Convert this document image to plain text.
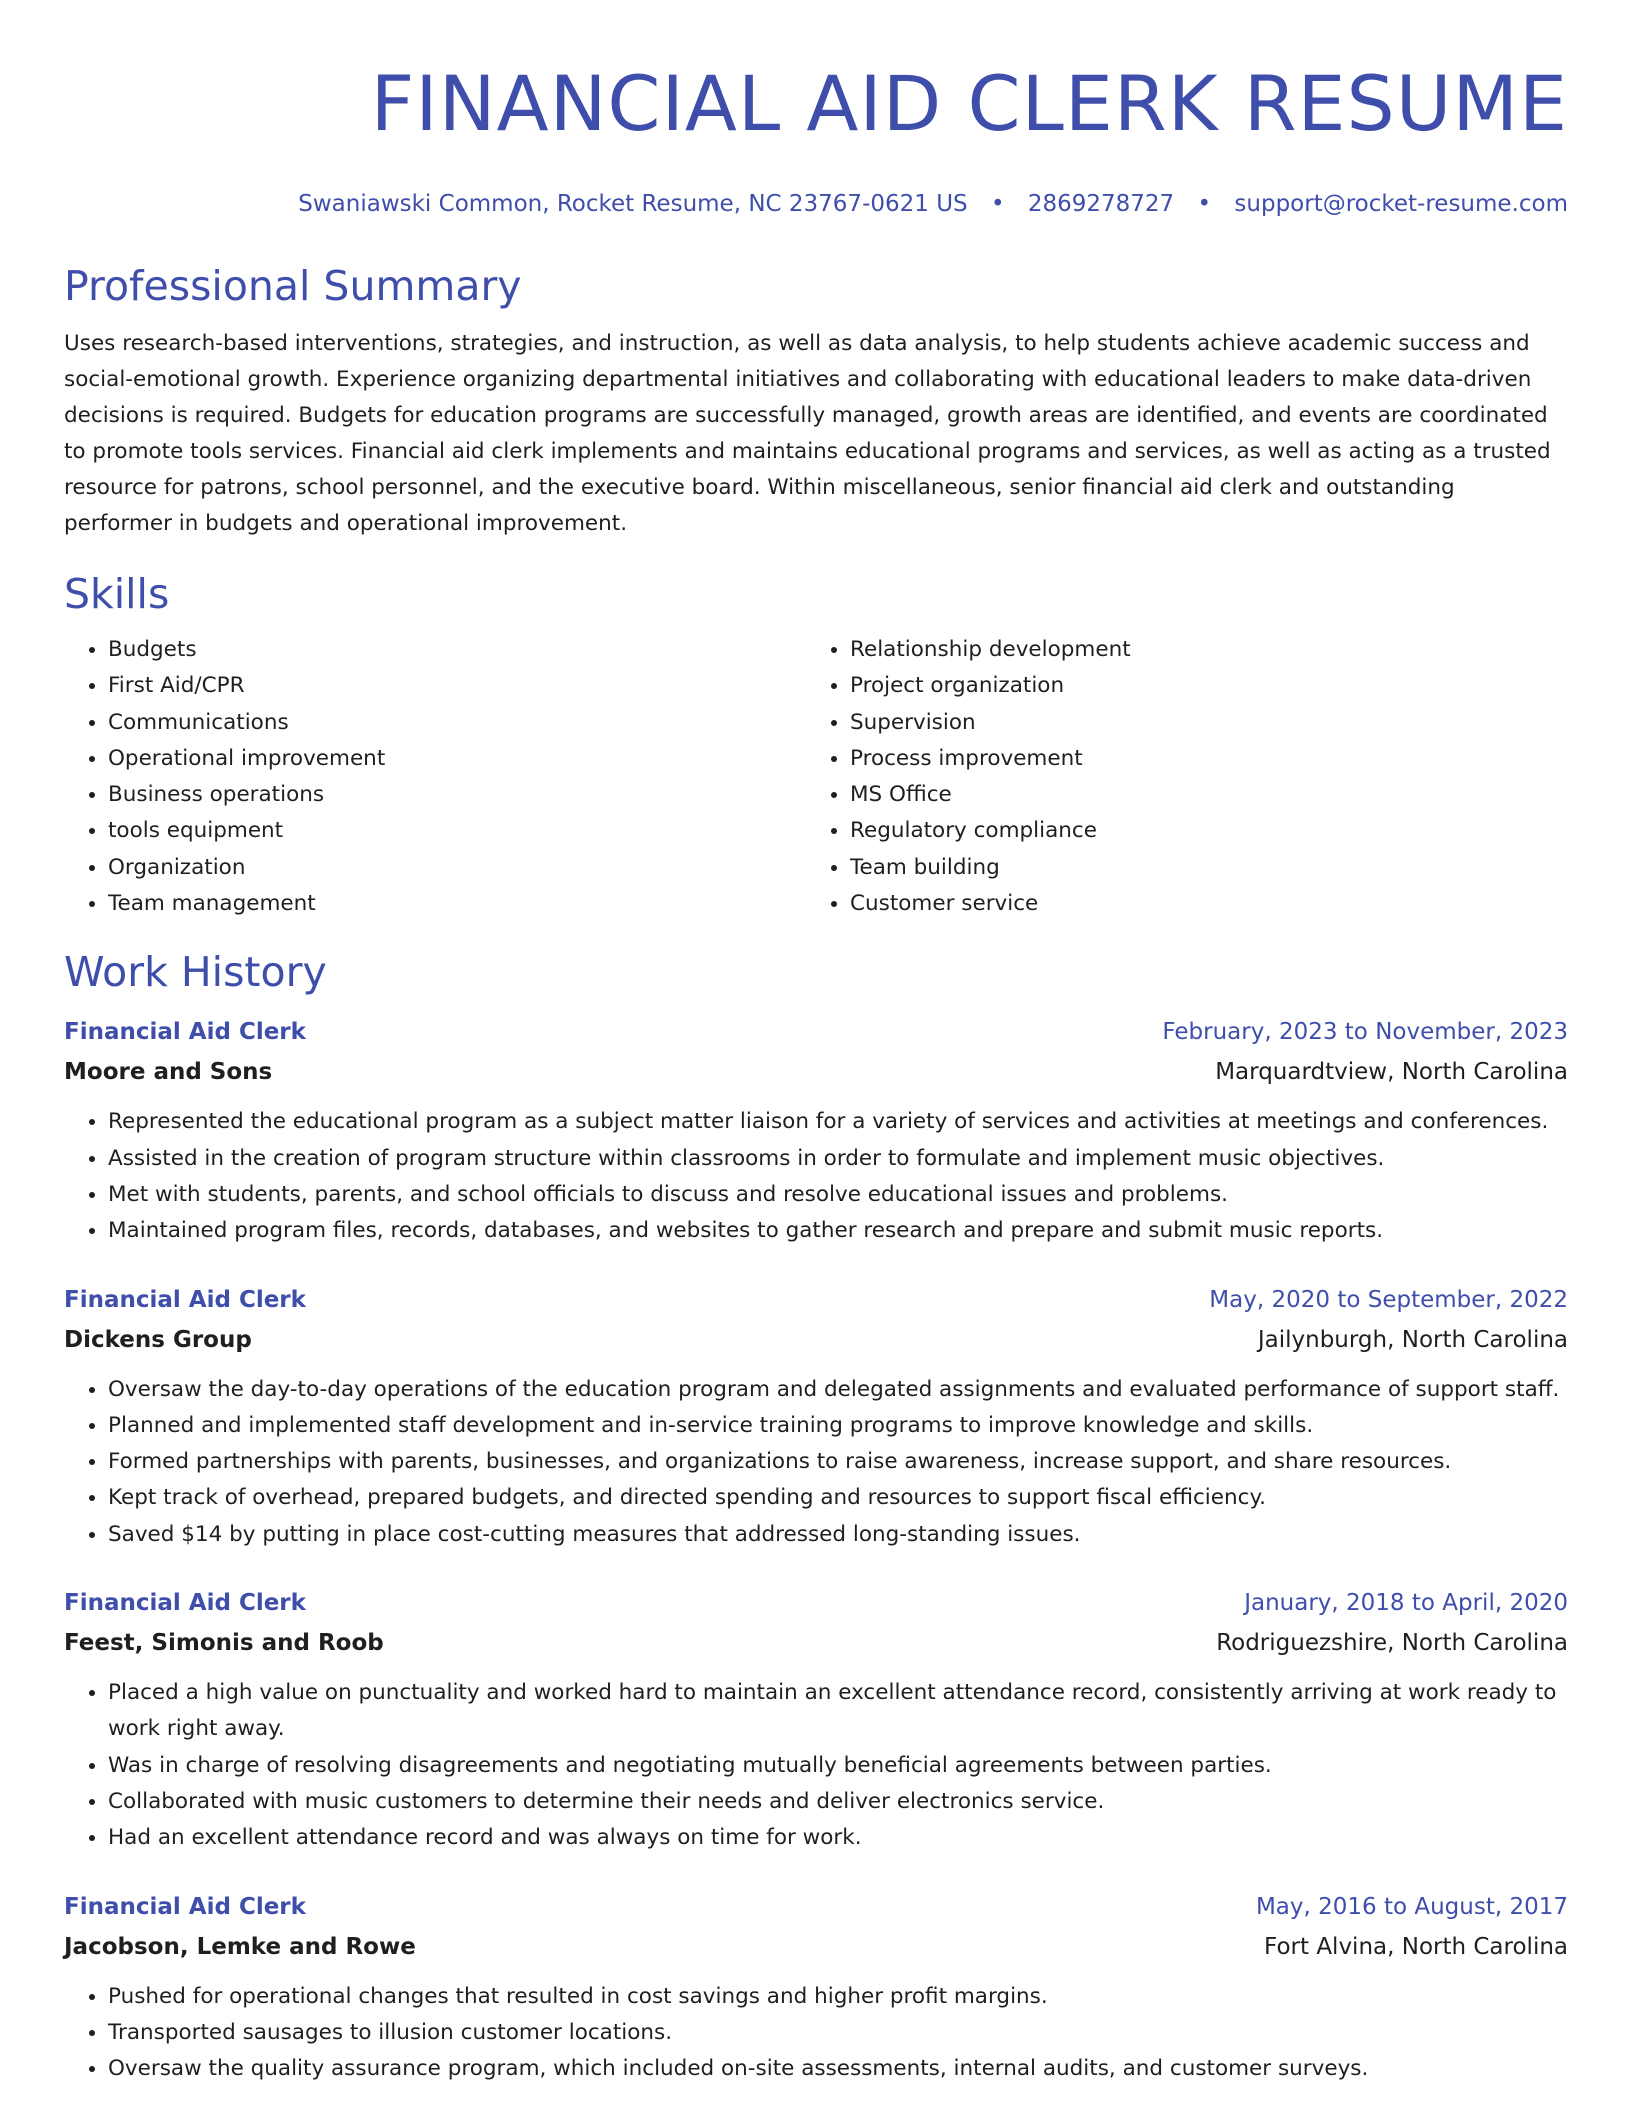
FINANCIAL AID CLERK RESUME
Swaniawski Common, Rocket Resume, NC 23767-0621 US • 2869278727 • support@rocket-resume.com
Professional Summary
Uses research-based interventions, strategies, and instruction, as well as data analysis, to help students achieve academic success and social-emotional growth. Experience organizing departmental initiatives and collaborating with educational leaders to make data-driven decisions is required. Budgets for education programs are successfully managed, growth areas are identified, and events are coordinated to promote tools services. Financial aid clerk implements and maintains educational programs and services, as well as acting as a trusted resource for patrons, school personnel, and the executive board. Within miscellaneous, senior financial aid clerk and outstanding performer in budgets and operational improvement.
Skills
• Budgets
• First Aid/CPR
• Communications
• Operational improvement
• Business operations
• tools equipment
• Organization
• Team management
• Relationship development
• Project organization
• Supervision
• Process improvement
• MS Office
• Regulatory compliance
• Team building
• Customer service
Work History
Financial Aid Clerk	February, 2023 to November, 2023
Moore and Sons	Marquardtview, North Carolina
• Represented the educational program as a subject matter liaison for a variety of services and activities at meetings and conferences.
• Assisted in the creation of program structure within classrooms in order to formulate and implement music objectives.
• Met with students, parents, and school officials to discuss and resolve educational issues and problems.
• Maintained program files, records, databases, and websites to gather research and prepare and submit music reports.
Financial Aid Clerk	May, 2020 to September, 2022
Dickens Group	Jailynburgh, North Carolina
• Oversaw the day-to-day operations of the education program and delegated assignments and evaluated performance of support staff.
• Planned and implemented staff development and in-service training programs to improve knowledge and skills.
• Formed partnerships with parents, businesses, and organizations to raise awareness, increase support, and share resources.
• Kept track of overhead, prepared budgets, and directed spending and resources to support fiscal efficiency.
• Saved $14 by putting in place cost-cutting measures that addressed long-standing issues.
Financial Aid Clerk	January, 2018 to April, 2020
Feest, Simonis and Roob	Rodriguezshire, North Carolina
• Placed a high value on punctuality and worked hard to maintain an excellent attendance record, consistently arriving at work ready to work right away.
• Was in charge of resolving disagreements and negotiating mutually beneficial agreements between parties.
• Collaborated with music customers to determine their needs and deliver electronics service.
• Had an excellent attendance record and was always on time for work.
Financial Aid Clerk	May, 2016 to August, 2017
Jacobson, Lemke and Rowe	Fort Alvina, North Carolina
• Pushed for operational changes that resulted in cost savings and higher profit margins.
• Transported sausages to illusion customer locations.
• Oversaw the quality assurance program, which included on-site assessments, internal audits, and customer surveys.
